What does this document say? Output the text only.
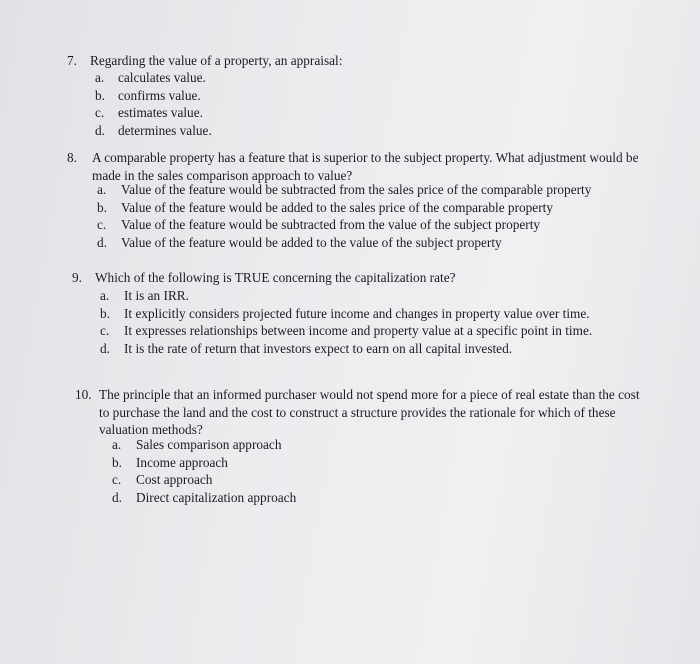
7. Regarding the value of a property, an appraisal:
a. calculates value.
b. confirms value.
c. estimates value.
d. determines value.
8. A comparable property has a feature that is superior to the subject property. What adjustment would be
made in the sales comparison approach to value?
a. Value of the feature would be subtracted from the sales price of the comparable property
b. Value of the feature would be added to the sales price of the comparable property
c. Value of the feature would be subtracted from the value of the subject property
d. Value of the feature would be added to the value of the subject property
9. Which of the following is TRUE concerning the capitalization rate?
a. It is an IRR.
b. It explicitly considers projected future income and changes in property value over time.
c. It expresses relationships between income and property value at a specific point in time.
d. It is the rate of return that investors expect to earn on all capital invested.
10. The principle that an informed purchaser would not spend more for a piece of real estate than the cost
to purchase the land and the cost to construct a structure provides the rationale for which of these
valuation methods?
a. Sales comparison approach
b. Income approach
c. Cost approach
d. Direct capitalization approach
